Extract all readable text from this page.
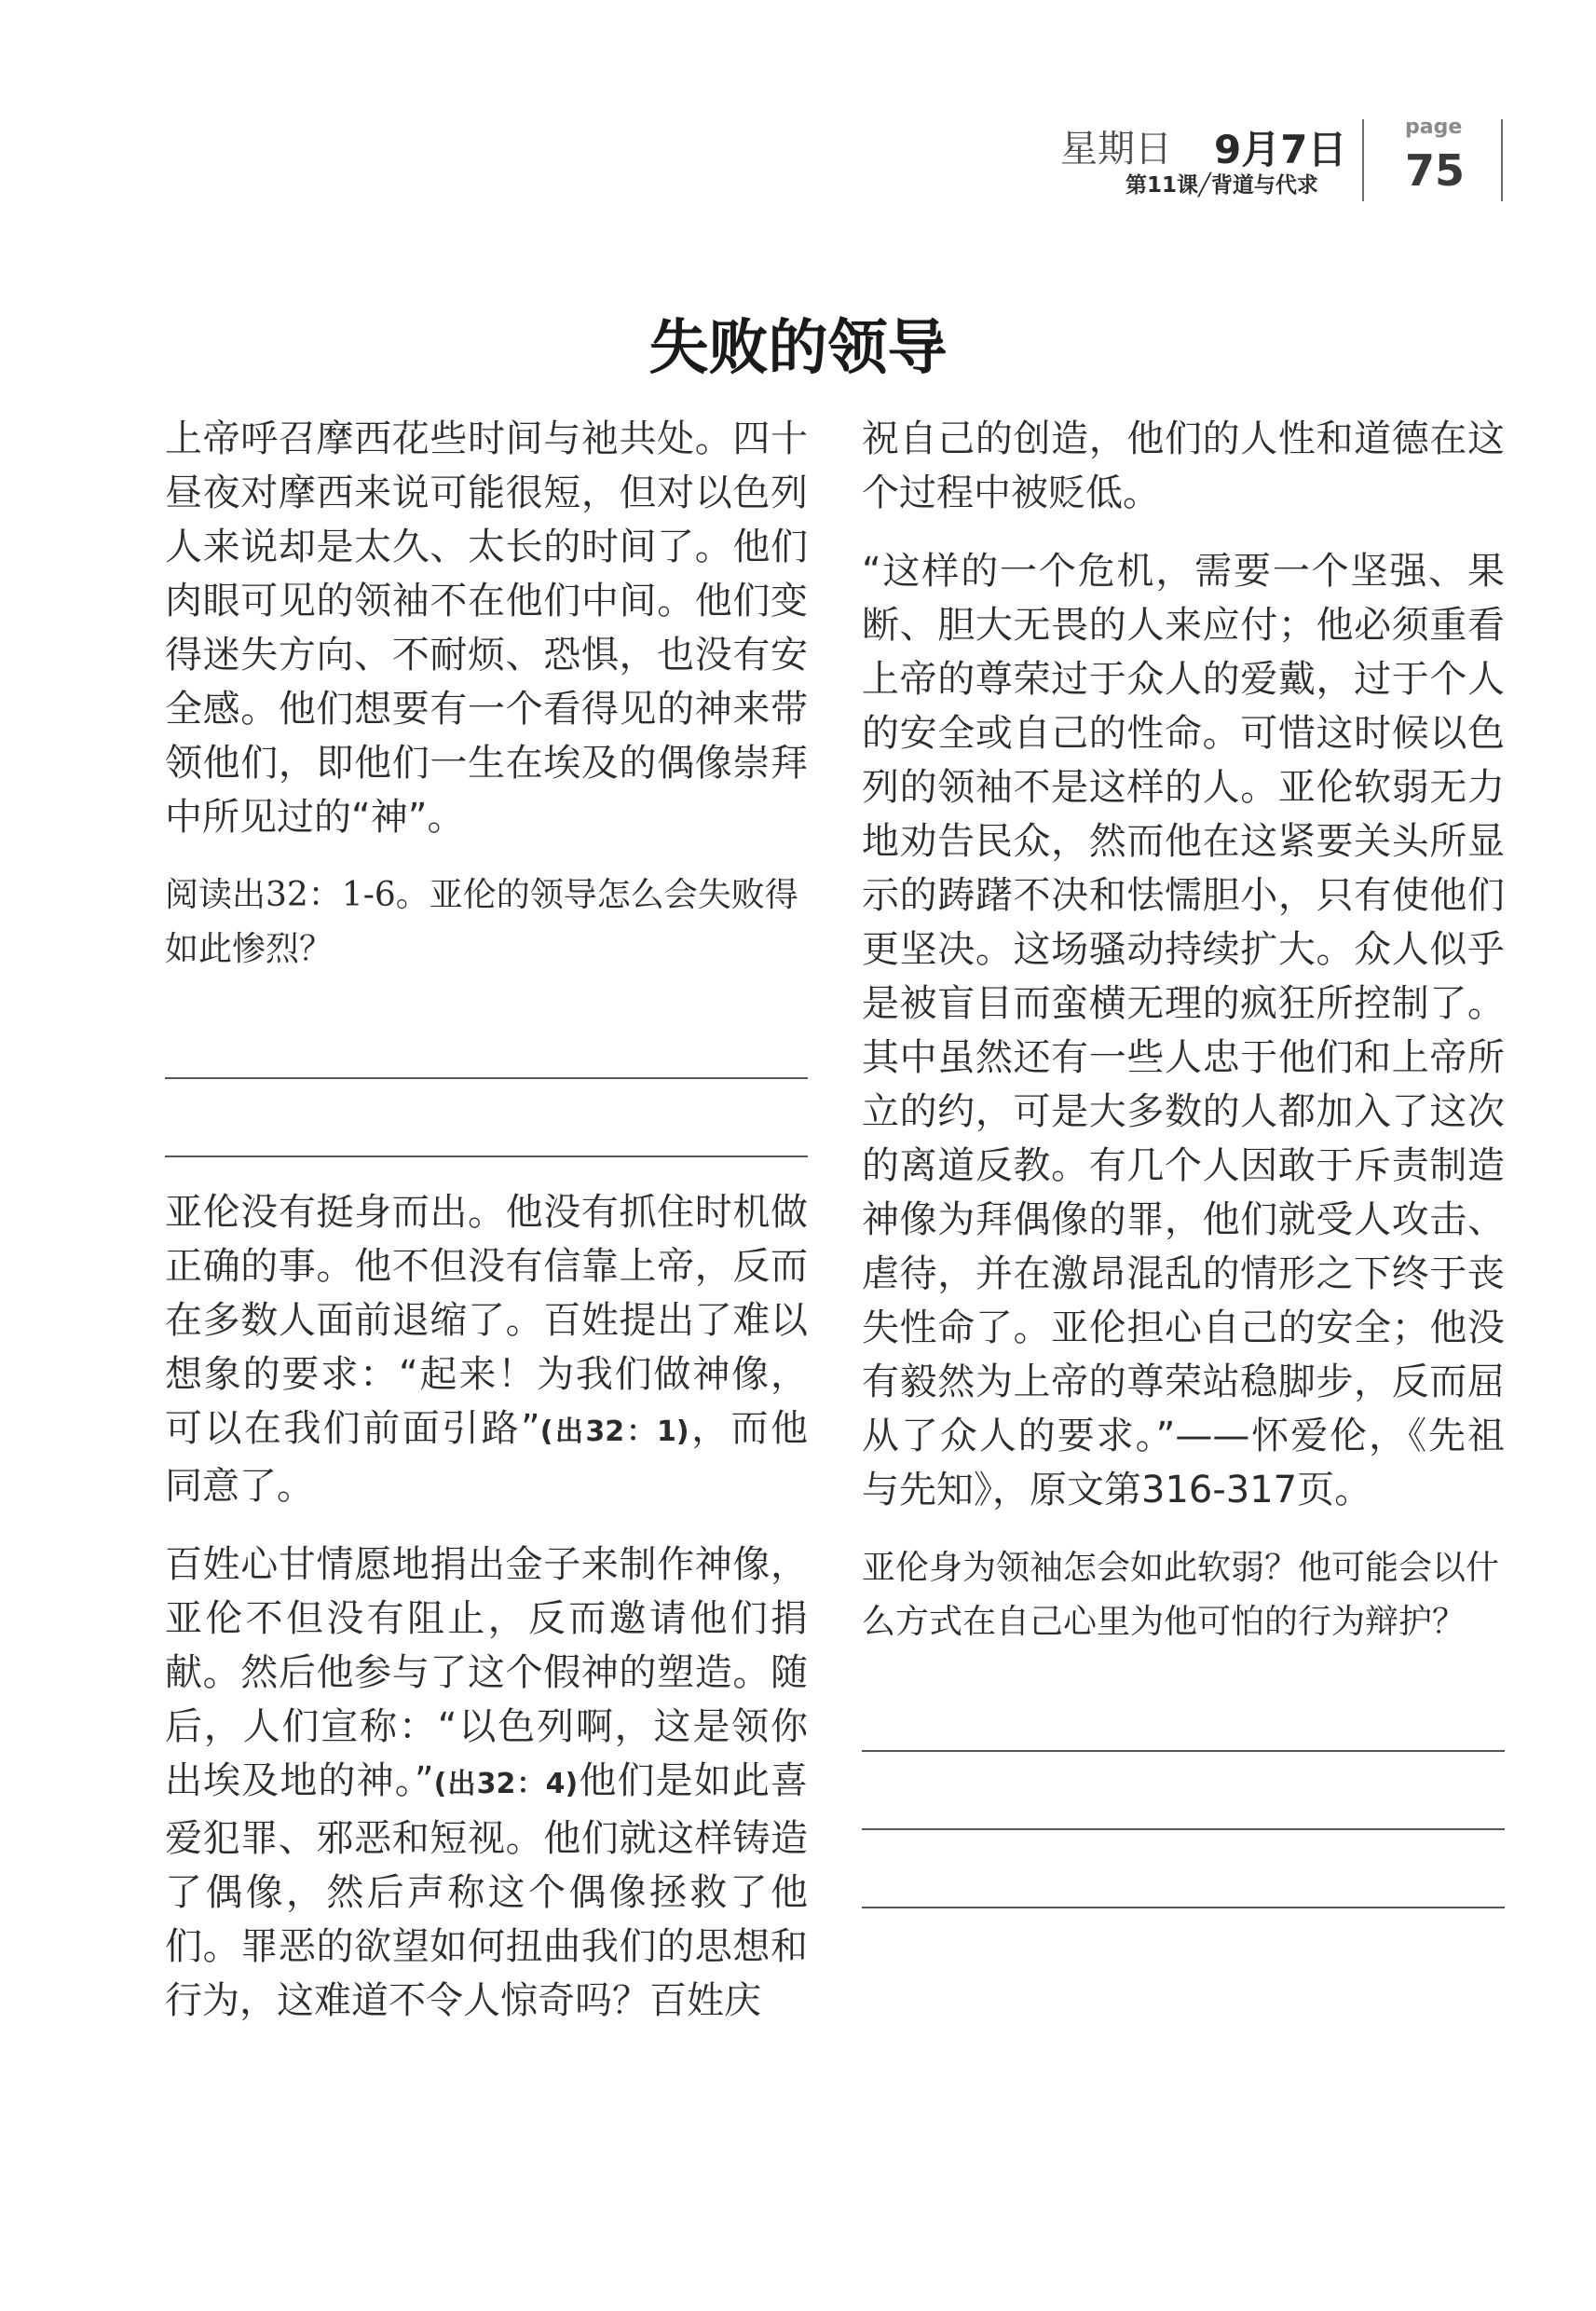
星期日 9月7日
第11课╱背道与代求
page
75
失败的领导

上帝呼召摩西花些时间与祂共处。四十昼夜对摩西来说可能很短，但对以色列人来说却是太久、太长的时间了。他们肉眼可见的领袖不在他们中间。他们变得迷失方向、不耐烦、恐惧，也没有安全感。他们想要有一个看得见的神来带领他们，即他们一生在埃及的偶像崇拜中所见过的“神”。

阅读出32：1-6。亚伦的领导怎么会失败得如此惨烈？

亚伦没有挺身而出。他没有抓住时机做正确的事。他不但没有信靠上帝，反而在多数人面前退缩了。百姓提出了难以想象的要求：“起来！为我们做神像，可以在我们前面引路”(出32：1)，而他同意了。

百姓心甘情愿地捐出金子来制作神像，亚伦不但没有阻止，反而邀请他们捐献。然后他参与了这个假神的塑造。随后，人们宣称：“以色列啊，这是领你出埃及地的神。”(出32：4)他们是如此喜爱犯罪、邪恶和短视。他们就这样铸造了偶像，然后声称这个偶像拯救了他们。罪恶的欲望如何扭曲我们的思想和行为，这难道不令人惊奇吗？百姓庆

祝自己的创造，他们的人性和道德在这个过程中被贬低。

“这样的一个危机，需要一个坚强、果断、胆大无畏的人来应付；他必须重看上帝的尊荣过于众人的爱戴，过于个人的安全或自己的性命。可惜这时候以色列的领袖不是这样的人。亚伦软弱无力地劝告民众，然而他在这紧要关头所显示的踌躇不决和怯懦胆小，只有使他们更坚决。这场骚动持续扩大。众人似乎是被盲目而蛮横无理的疯狂所控制了。其中虽然还有一些人忠于他们和上帝所立的约，可是大多数的人都加入了这次的离道反教。有几个人因敢于斥责制造神像为拜偶像的罪，他们就受人攻击、虐待，并在激昂混乱的情形之下终于丧失性命了。亚伦担心自己的安全；他没有毅然为上帝的尊荣站稳脚步，反而屈从了众人的要求。”——怀爱伦，《先祖与先知》，原文第316-317页。

亚伦身为领袖怎会如此软弱？他可能会以什么方式在自己心里为他可怕的行为辩护？
